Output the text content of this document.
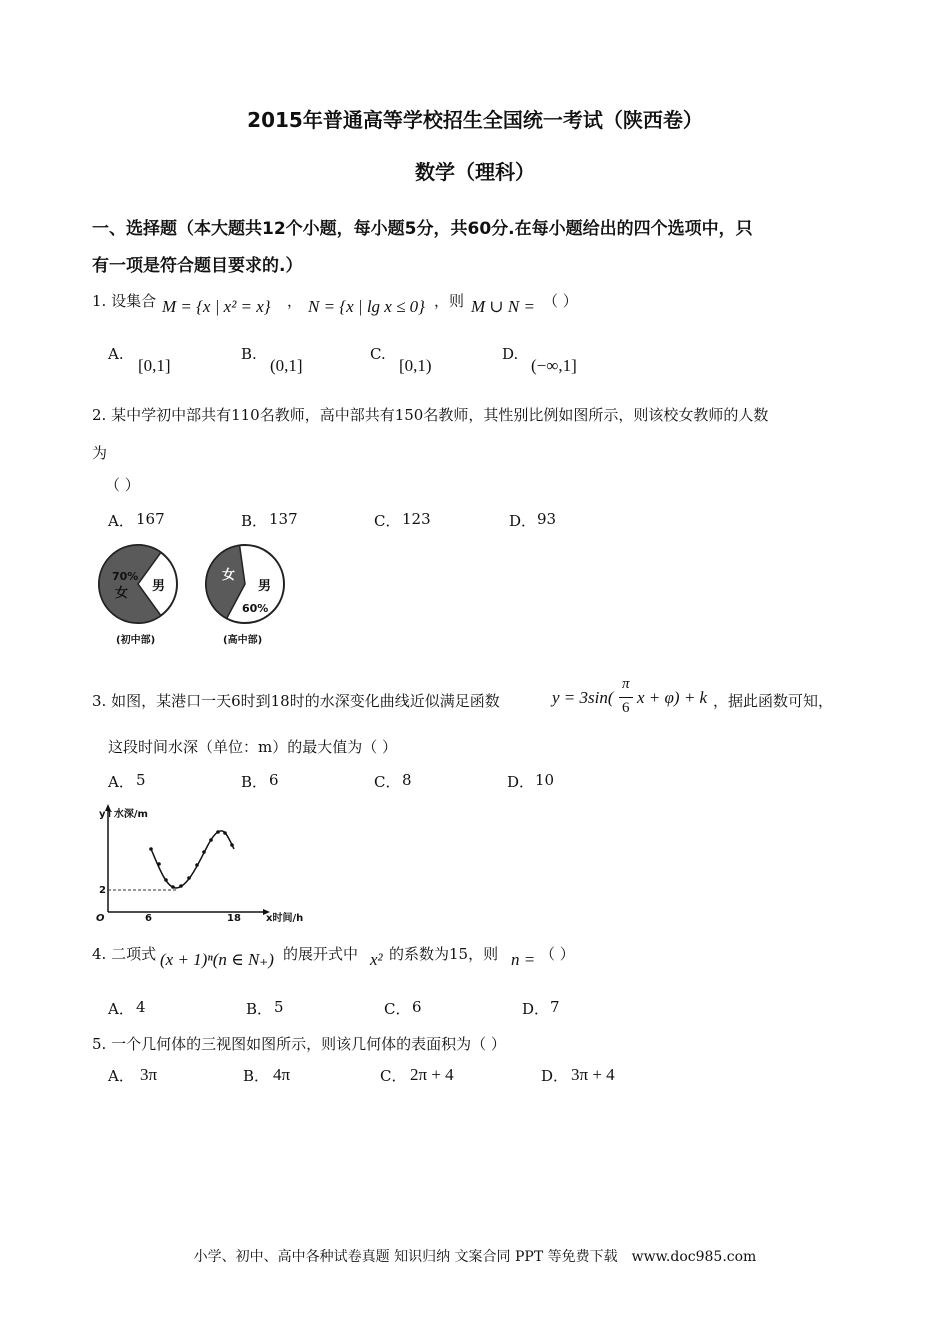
2015年普通高等学校招生全国统一考试（陕西卷）
数学（理科）
一、选择题（本大题共12个小题，每小题5分，共60分.在每小题给出的四个选项中，只
有一项是符合题目要求的.）
1. 设集合 M = {x | x² = x} ， N = {x | lg x ≤ 0} ，则 M ∪ N = （ ）
A.
[0,1]
B.
(0,1]
C.
[0,1)
D.
(−∞,1]
2. 某中学初中部共有110名教师，高中部共有150名教师，其性别比例如图所示，则该校女教师的人数
为
（ ）
A． 167	B． 137	C． 123	D． 93
70%
女 男
(初中部)
女
男
60%
(高中部)
3. 如图，某港口一天6时到18时的水深变化曲线近似满足函数	y = 3sin(
π
6
x + φ) + k ，据此函数可知，
这段时间水深（单位：m）的最大值为（ ）
A． 5	B． 6	C． 8	D． 10
y↑水深/m
x时间/h
O	6	18
2
4. 二项式 (x + 1)ⁿ(n ∈ N₊) 的展开式中 x² 的系数为15，则 n = （ ）
A． 4	B． 5	C． 6	D． 7
5. 一个几何体的三视图如图所示，则该几何体的表面积为（ ）
A． 3π	B． 4π	C． 2π + 4	D． 3π + 4
小学、初中、高中各种试卷真题 知识归纳 文案合同 PPT 等免费下载　www.doc985.com
